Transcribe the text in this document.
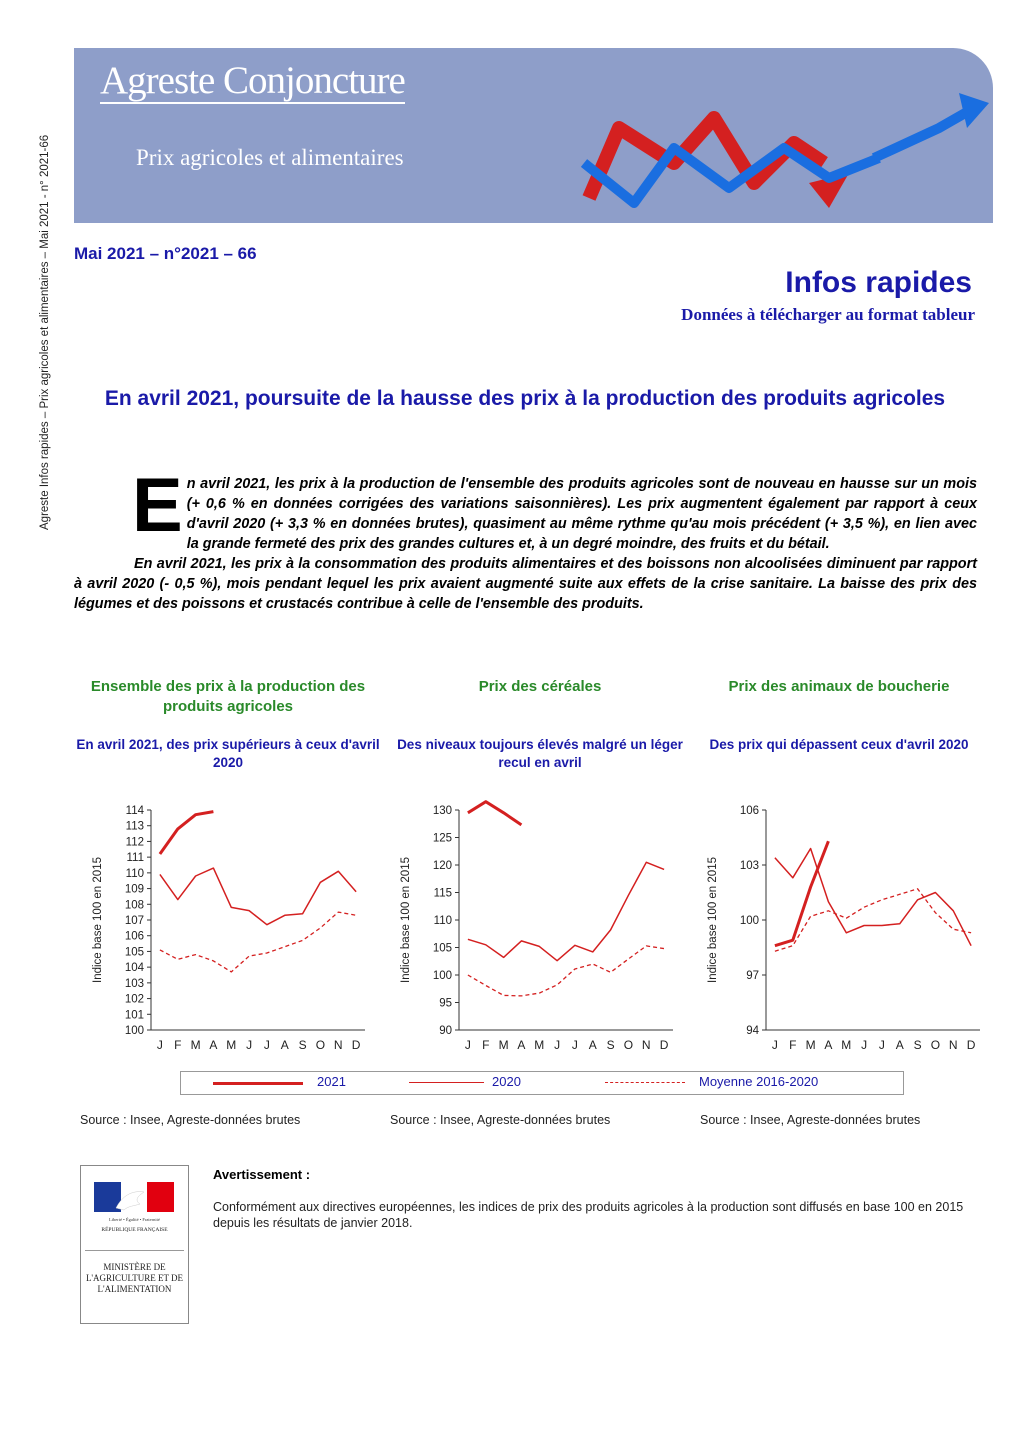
Agreste Infos rapides – Prix agricoles et alimentaires – Mai 2021 - n° 2021-66
Agreste Conjoncture
Prix agricoles et alimentaires
Mai 2021 – n°2021 – 66
Infos rapides
Données à télécharger au format tableur
En avril 2021, poursuite de la hausse des prix à la production des produits agricoles
E n avril 2021, les prix à la production de l'ensemble des produits agricoles sont de nouveau en hausse sur un mois (+ 0,6 % en données corrigées des variations saisonnières). Les prix augmentent également par rapport à ceux d'avril 2020 (+ 3,3 % en données brutes), quasiment au même rythme qu'au mois précédent (+ 3,5 %), en lien avec la grande fermeté des prix des grandes cultures et, à un degré moindre, des fruits et du bétail.

En avril 2021, les prix à la consommation des produits alimentaires et des boissons non alcoolisées diminuent par rapport à avril 2020 (- 0,5 %), mois pendant lequel les prix avaient augmenté suite aux effets de la crise sanitaire. La baisse des prix des légumes et des poissons et crustacés contribue à celle de l'ensemble des produits.

Ensemble des prix à la production des produits agricoles
Prix des céréales	Prix des animaux de boucherie
En avril 2021, des prix supérieurs à ceux d'avril 2020
Des niveaux toujours élevés malgré un léger recul en avril
Des prix qui dépassent ceux d'avril 2020
100
101
102
103
104
105
106
107
108
109
110
111
112
113
114
J F M A M J J A S O N D
Indice base 100 en 2015
90
95
100
105
110
115
120
125
130
J F M A M J J A S O N D
Indice base 100 en 2015
94
97
100
103
106
J F M A M J J A S O N D
Indice base 100 en 2015
2021	2020	Moyenne 2016-2020
Source : Insee, Agreste-données brutes	Source : Insee, Agreste-données brutes	Source : Insee, Agreste-données brutes
Liberté • Égalité • Fraternité
RÉPUBLIQUE FRANÇAISE
MINISTÈRE DE L'AGRICULTURE ET DE L'ALIMENTATION
Avertissement :
Conformément aux directives européennes, les indices de prix des produits agricoles à la production sont diffusés en base 100 en 2015 depuis les résultats de janvier 2018.
